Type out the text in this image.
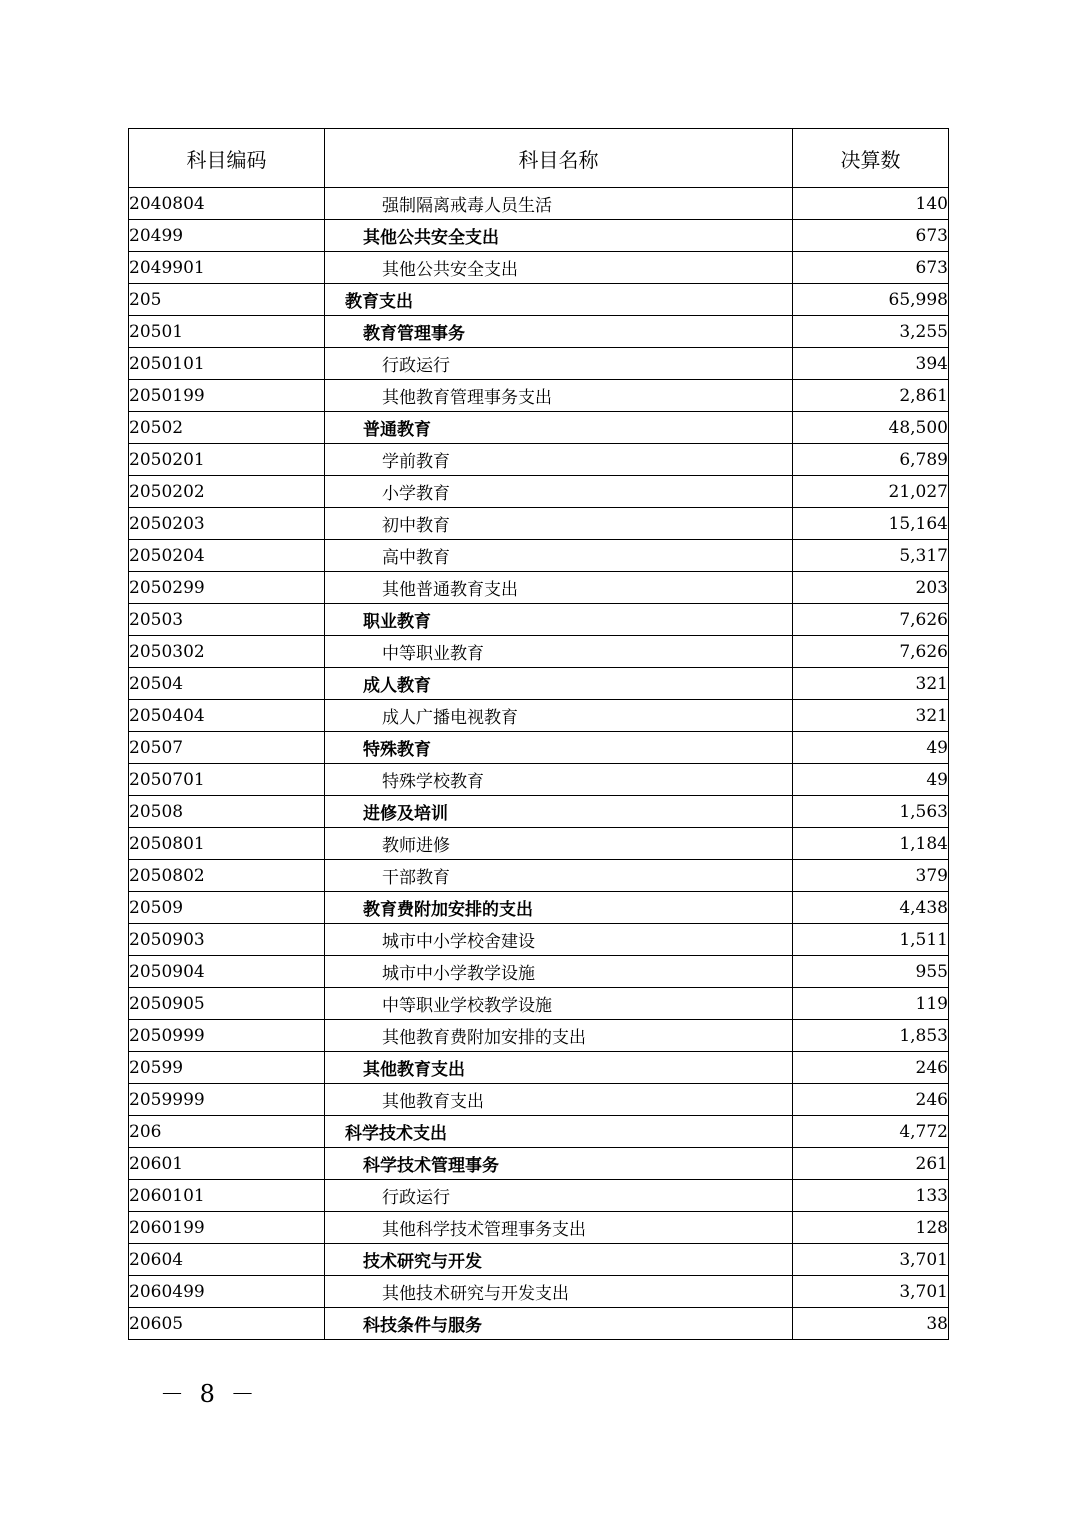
科目编码	科目名称	决算数
2040804	强制隔离戒毒人员生活	140
20499	其他公共安全支出	673
2049901	其他公共安全支出	673
205	教育支出	65,998
20501	教育管理事务	3,255
2050101	行政运行	394
2050199	其他教育管理事务支出	2,861
20502	普通教育	48,500
2050201	学前教育	6,789
2050202	小学教育	21,027
2050203	初中教育	15,164
2050204	高中教育	5,317
2050299	其他普通教育支出	203
20503	职业教育	7,626
2050302	中等职业教育	7,626
20504	成人教育	321
2050404	成人广播电视教育	321
20507	特殊教育	49
2050701	特殊学校教育	49
20508	进修及培训	1,563
2050801	教师进修	1,184
2050802	干部教育	379
20509	教育费附加安排的支出	4,438
2050903	城市中小学校舍建设	1,511
2050904	城市中小学教学设施	955
2050905	中等职业学校教学设施	119
2050999	其他教育费附加安排的支出	1,853
20599	其他教育支出	246
2059999	其他教育支出	246
206	科学技术支出	4,772
20601	科学技术管理事务	261
2060101	行政运行	133
2060199	其他科学技术管理事务支出	128
20604	技术研究与开发	3,701
2060499	其他技术研究与开发支出	3,701
20605	科技条件与服务	38
－ 8 －
